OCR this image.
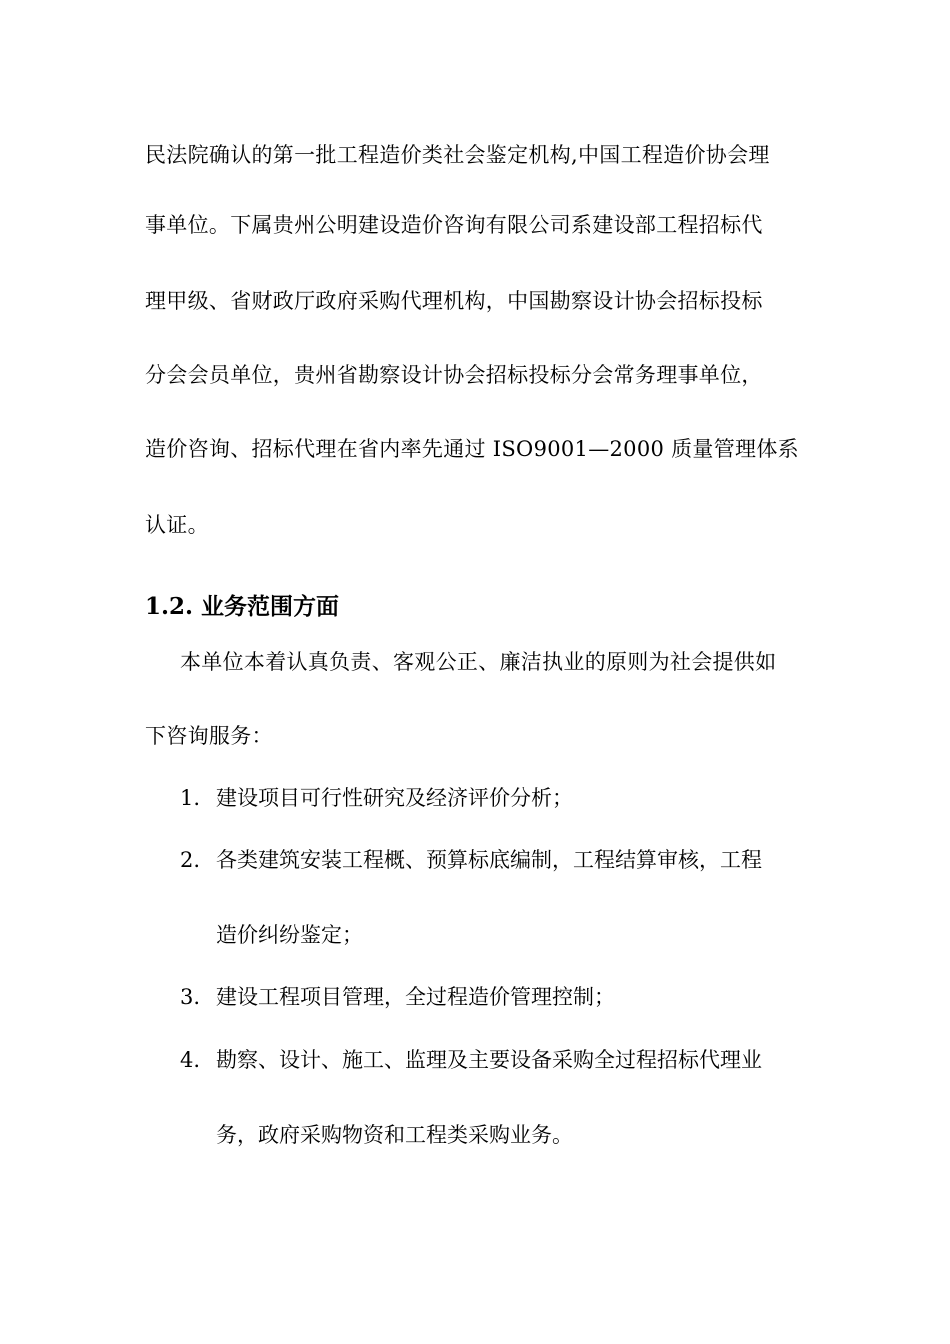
民法院确认的第一批工程造价类社会鉴定机构,中国工程造价协会理
事单位。下属贵州公明建设造价咨询有限公司系建设部工程招标代
理甲级、省财政厅政府采购代理机构，中国勘察设计协会招标投标
分会会员单位，贵州省勘察设计协会招标投标分会常务理事单位，
造价咨询、招标代理在省内率先通过 ISO9001—2000 质量管理体系
认证。
1.2. 业务范围方面
本单位本着认真负责、客观公正、廉洁执业的原则为社会提供如
下咨询服务：
1. 建设项目可行性研究及经济评价分析；
2. 各类建筑安装工程概、预算标底编制，工程结算审核，工程
造价纠纷鉴定；
3. 建设工程项目管理，全过程造价管理控制；
4. 勘察、设计、施工、监理及主要设备采购全过程招标代理业
务，政府采购物资和工程类采购业务。
